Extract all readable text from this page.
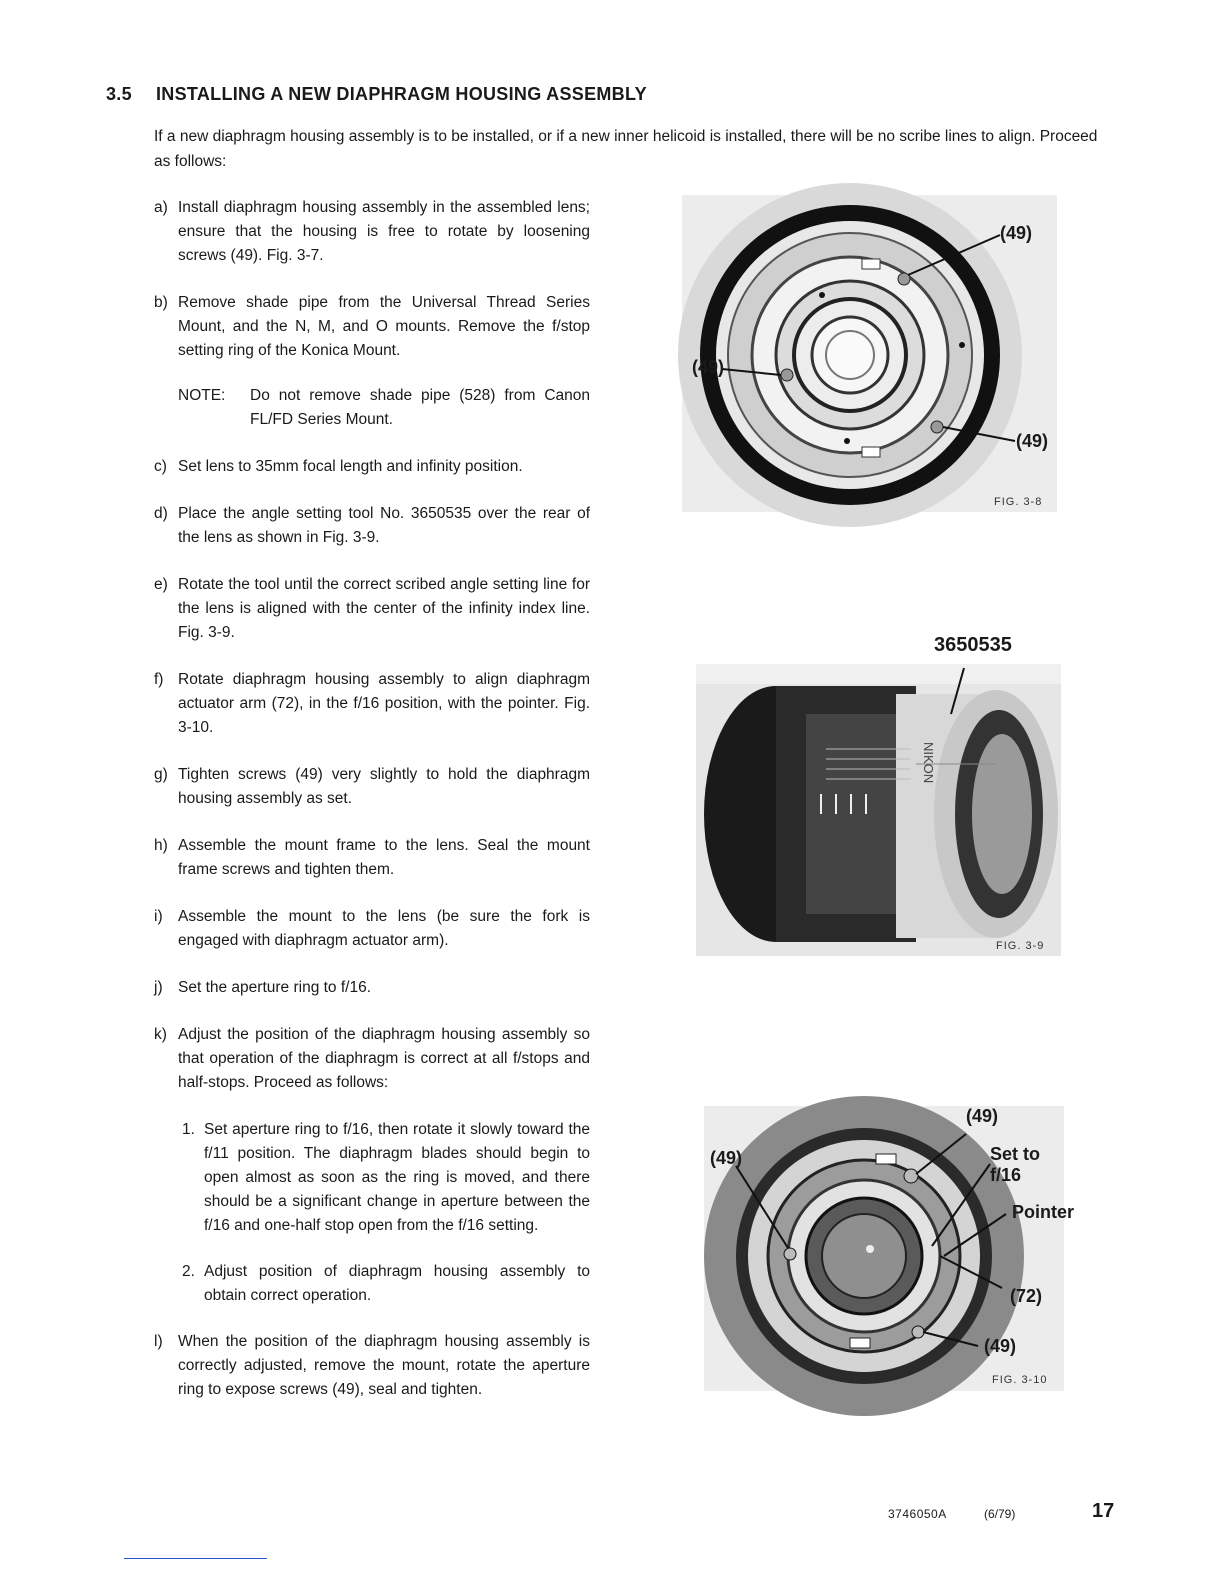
3.5 INSTALLING A NEW DIAPHRAGM HOUSING ASSEMBLY
If a new diaphragm housing assembly is to be installed, or if a new inner helicoid is installed, there will be no scribe lines to align. Proceed as follows:
a) Install diaphragm housing assembly in the assembled lens; ensure that the housing is free to rotate by loosening screws (49). Fig. 3-7.
b) Remove shade pipe from the Universal Thread Series Mount, and the N, M, and O mounts. Remove the f/stop setting ring of the Konica Mount.
NOTE:	Do not remove shade pipe (528) from Canon FL/FD Series Mount.
c) Set lens to 35mm focal length and infinity position.
d) Place the angle setting tool No. 3650535 over the rear of the lens as shown in Fig. 3-9.
e) Rotate the tool until the correct scribed angle setting line for the lens is aligned with the center of the infinity index line. Fig. 3-9.
f) Rotate diaphragm housing assembly to align diaphragm actuator arm (72), in the f/16 position, with the pointer. Fig. 3-10.
g) Tighten screws (49) very slightly to hold the diaphragm housing assembly as set.
h) Assemble the mount frame to the lens. Seal the mount frame screws and tighten them.
i) Assemble the mount to the lens (be sure the fork is engaged with diaphragm actuator arm).
j) Set the aperture ring to f/16.
k) Adjust the position of the diaphragm housing assembly so that operation of the diaphragm is correct at all f/stops and half-stops. Proceed as follows:
1. Set aperture ring to f/16, then rotate it slowly toward the f/11 position. The diaphragm blades should begin to open almost as soon as the ring is moved, and there should be a significant change in aperture between the f/16 and one-half stop open from the f/16 setting.
2. Adjust position of diaphragm housing assembly to obtain correct operation.
l) When the position of the diaphragm housing assembly is correctly adjusted, remove the mount, rotate the aperture ring to expose screws (49), seal and tighten.
(49)
(49)
(49)
FIG. 3-8
NIKON
FIG. 3-9
3650535
(49)
(49)
Set to f/16
Pointer
(72)
(49)
FIG. 3-10
3746050A	(6/79)	17
